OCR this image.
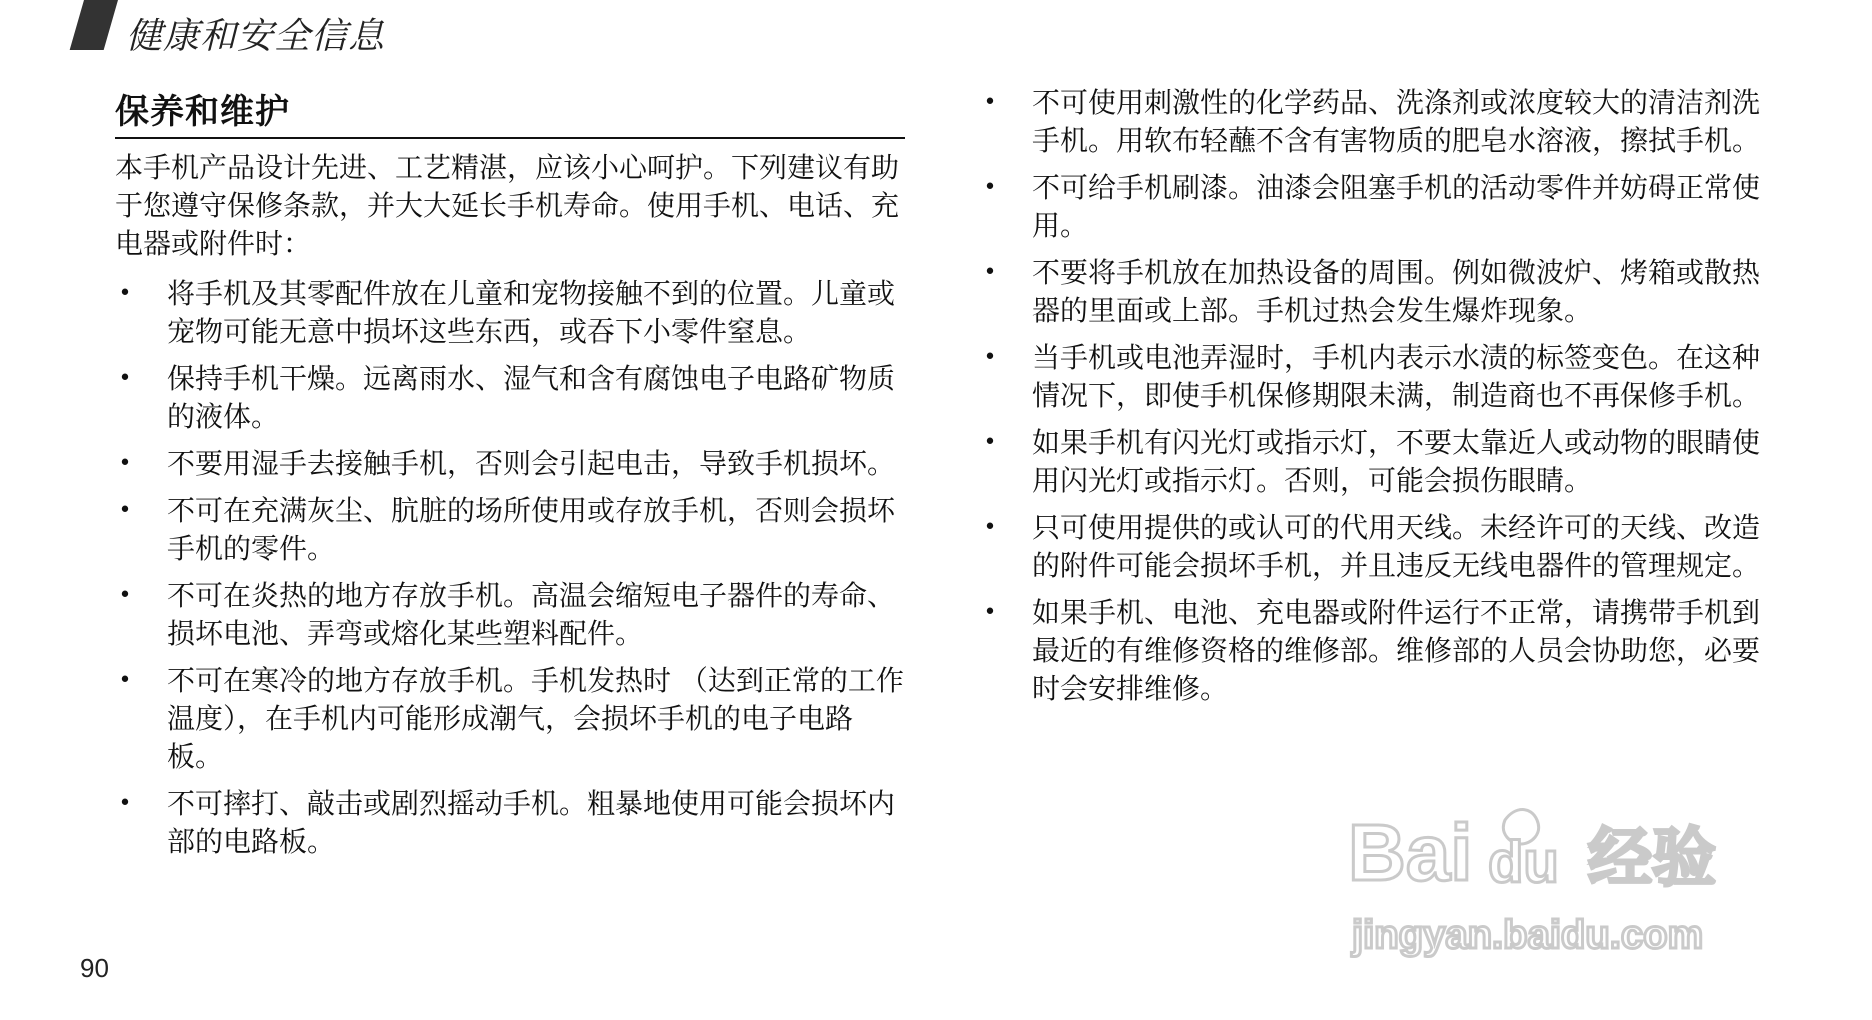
健康和安全信息
保养和维护

本手机产品设计先进、工艺精湛，应该小心呵护。下列建议有助于您遵守保修条款，并大大延长手机寿命。使用手机、电话、充电器或附件时：

• 将手机及其零配件放在儿童和宠物接触不到的位置。儿童或宠物可能无意中损坏这些东西，或吞下小零件窒息。
• 保持手机干燥。远离雨水、湿气和含有腐蚀电子电路矿物质的液体。
• 不要用湿手去接触手机，否则会引起电击，导致手机损坏。
• 不可在充满灰尘、肮脏的场所使用或存放手机，否则会损坏手机的零件。
• 不可在炎热的地方存放手机。高温会缩短电子器件的寿命、损坏电池、弄弯或熔化某些塑料配件。
• 不可在寒冷的地方存放手机。手机发热时 （达到正常的工作温度），在手机内可能形成潮气，会损坏手机的电子电路板。
• 不可摔打、敲击或剧烈摇动手机。粗暴地使用可能会损坏内部的电路板。
• 不可使用刺激性的化学药品、洗涤剂或浓度较大的清洁剂洗手机。用软布轻蘸不含有害物质的肥皂水溶液，擦拭手机。
• 不可给手机刷漆。油漆会阻塞手机的活动零件并妨碍正常使用。
• 不要将手机放在加热设备的周围。例如微波炉、烤箱或散热器的里面或上部。手机过热会发生爆炸现象。
• 当手机或电池弄湿时，手机内表示水渍的标签变色。在这种情况下，即使手机保修期限未满，制造商也不再保修手机。
• 如果手机有闪光灯或指示灯，不要太靠近人或动物的眼睛使用闪光灯或指示灯。否则，可能会损伤眼睛。
• 只可使用提供的或认可的代用天线。未经许可的天线、改造的附件可能会损坏手机，并且违反无线电器件的管理规定。
• 如果手机、电池、充电器或附件运行不正常，请携带手机到最近的有维修资格的维修部。维修部的人员会协助您，必要时会安排维修。
90
Bai du 经验
jingyan.baidu.com
